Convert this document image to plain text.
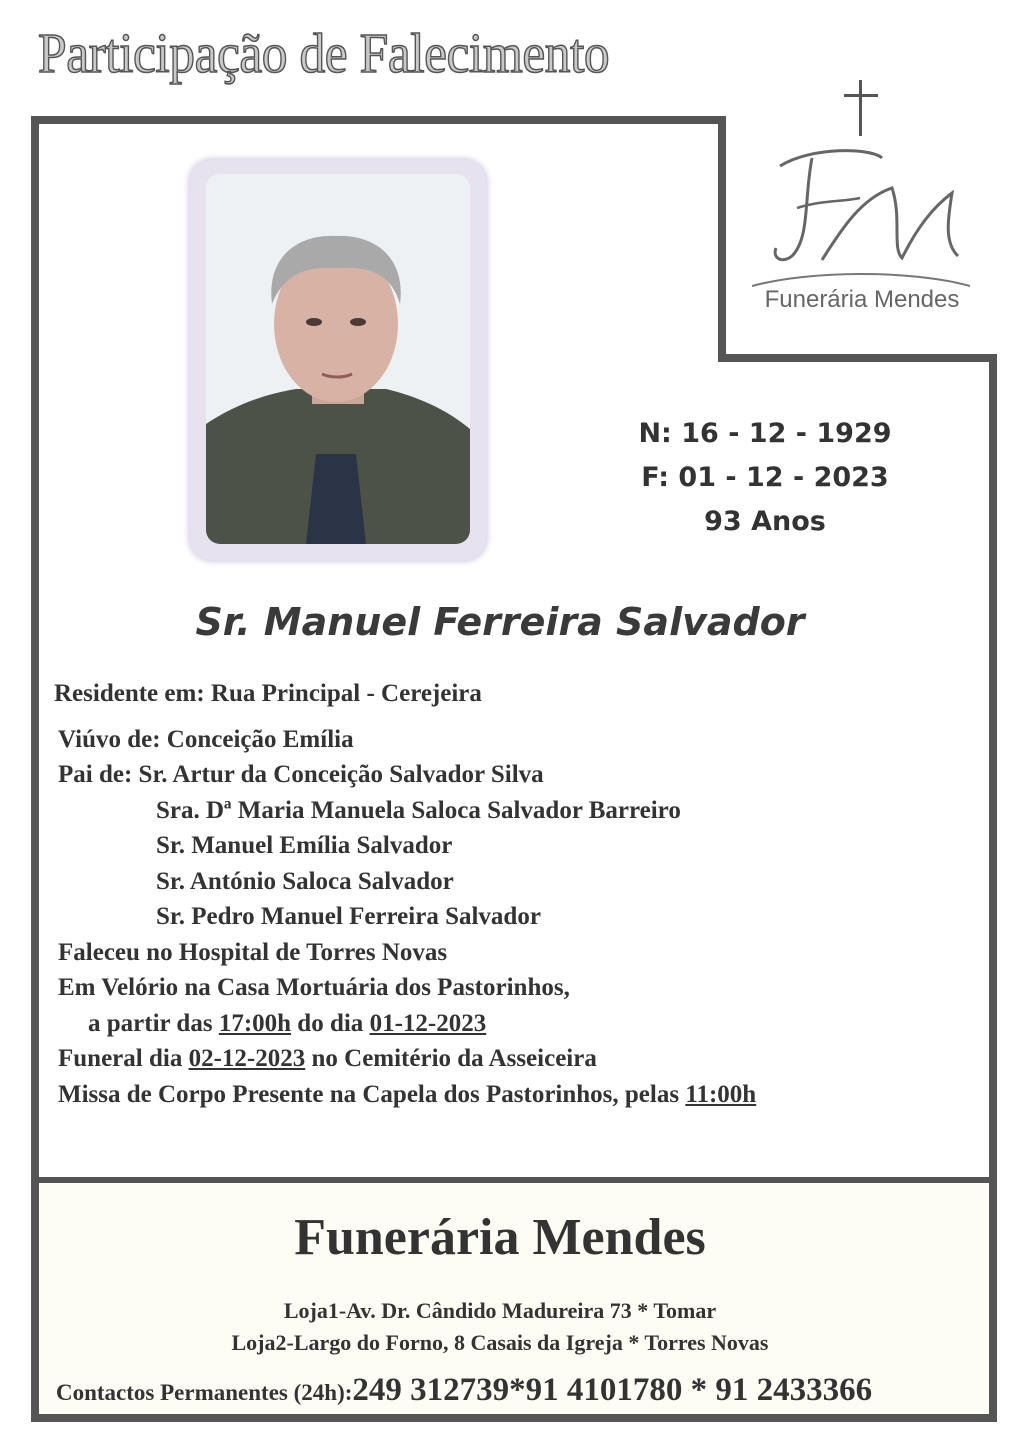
Participação de Falecimento
Funerária Mendes
N: 16 - 12 - 1929
F: 01 - 12 - 2023
93 Anos
Sr. Manuel Ferreira Salvador
Residente em: Rua Principal - Cerejeira
Viúvo de: Conceição Emília
Pai de: Sr. Artur da Conceição Salvador Silva
Sra. Dª Maria Manuela Saloca Salvador Barreiro
Sr. Manuel Emília Salvador
Sr. António Saloca Salvador
Sr. Pedro Manuel Ferreira Salvador
Faleceu no Hospital de Torres Novas
Em Velório na Casa Mortuária dos Pastorinhos,
a partir das 17:00h do dia 01-12-2023
Funeral dia 02-12-2023 no Cemitério da Asseiceira
Missa de Corpo Presente na Capela dos Pastorinhos, pelas 11:00h
Funerária Mendes
Loja1-Av. Dr. Cândido Madureira 73 * Tomar
Loja2-Largo do Forno, 8 Casais da Igreja * Torres Novas
Contactos Permanentes (24h):249 312739*91 4101780 * 91 2433366
